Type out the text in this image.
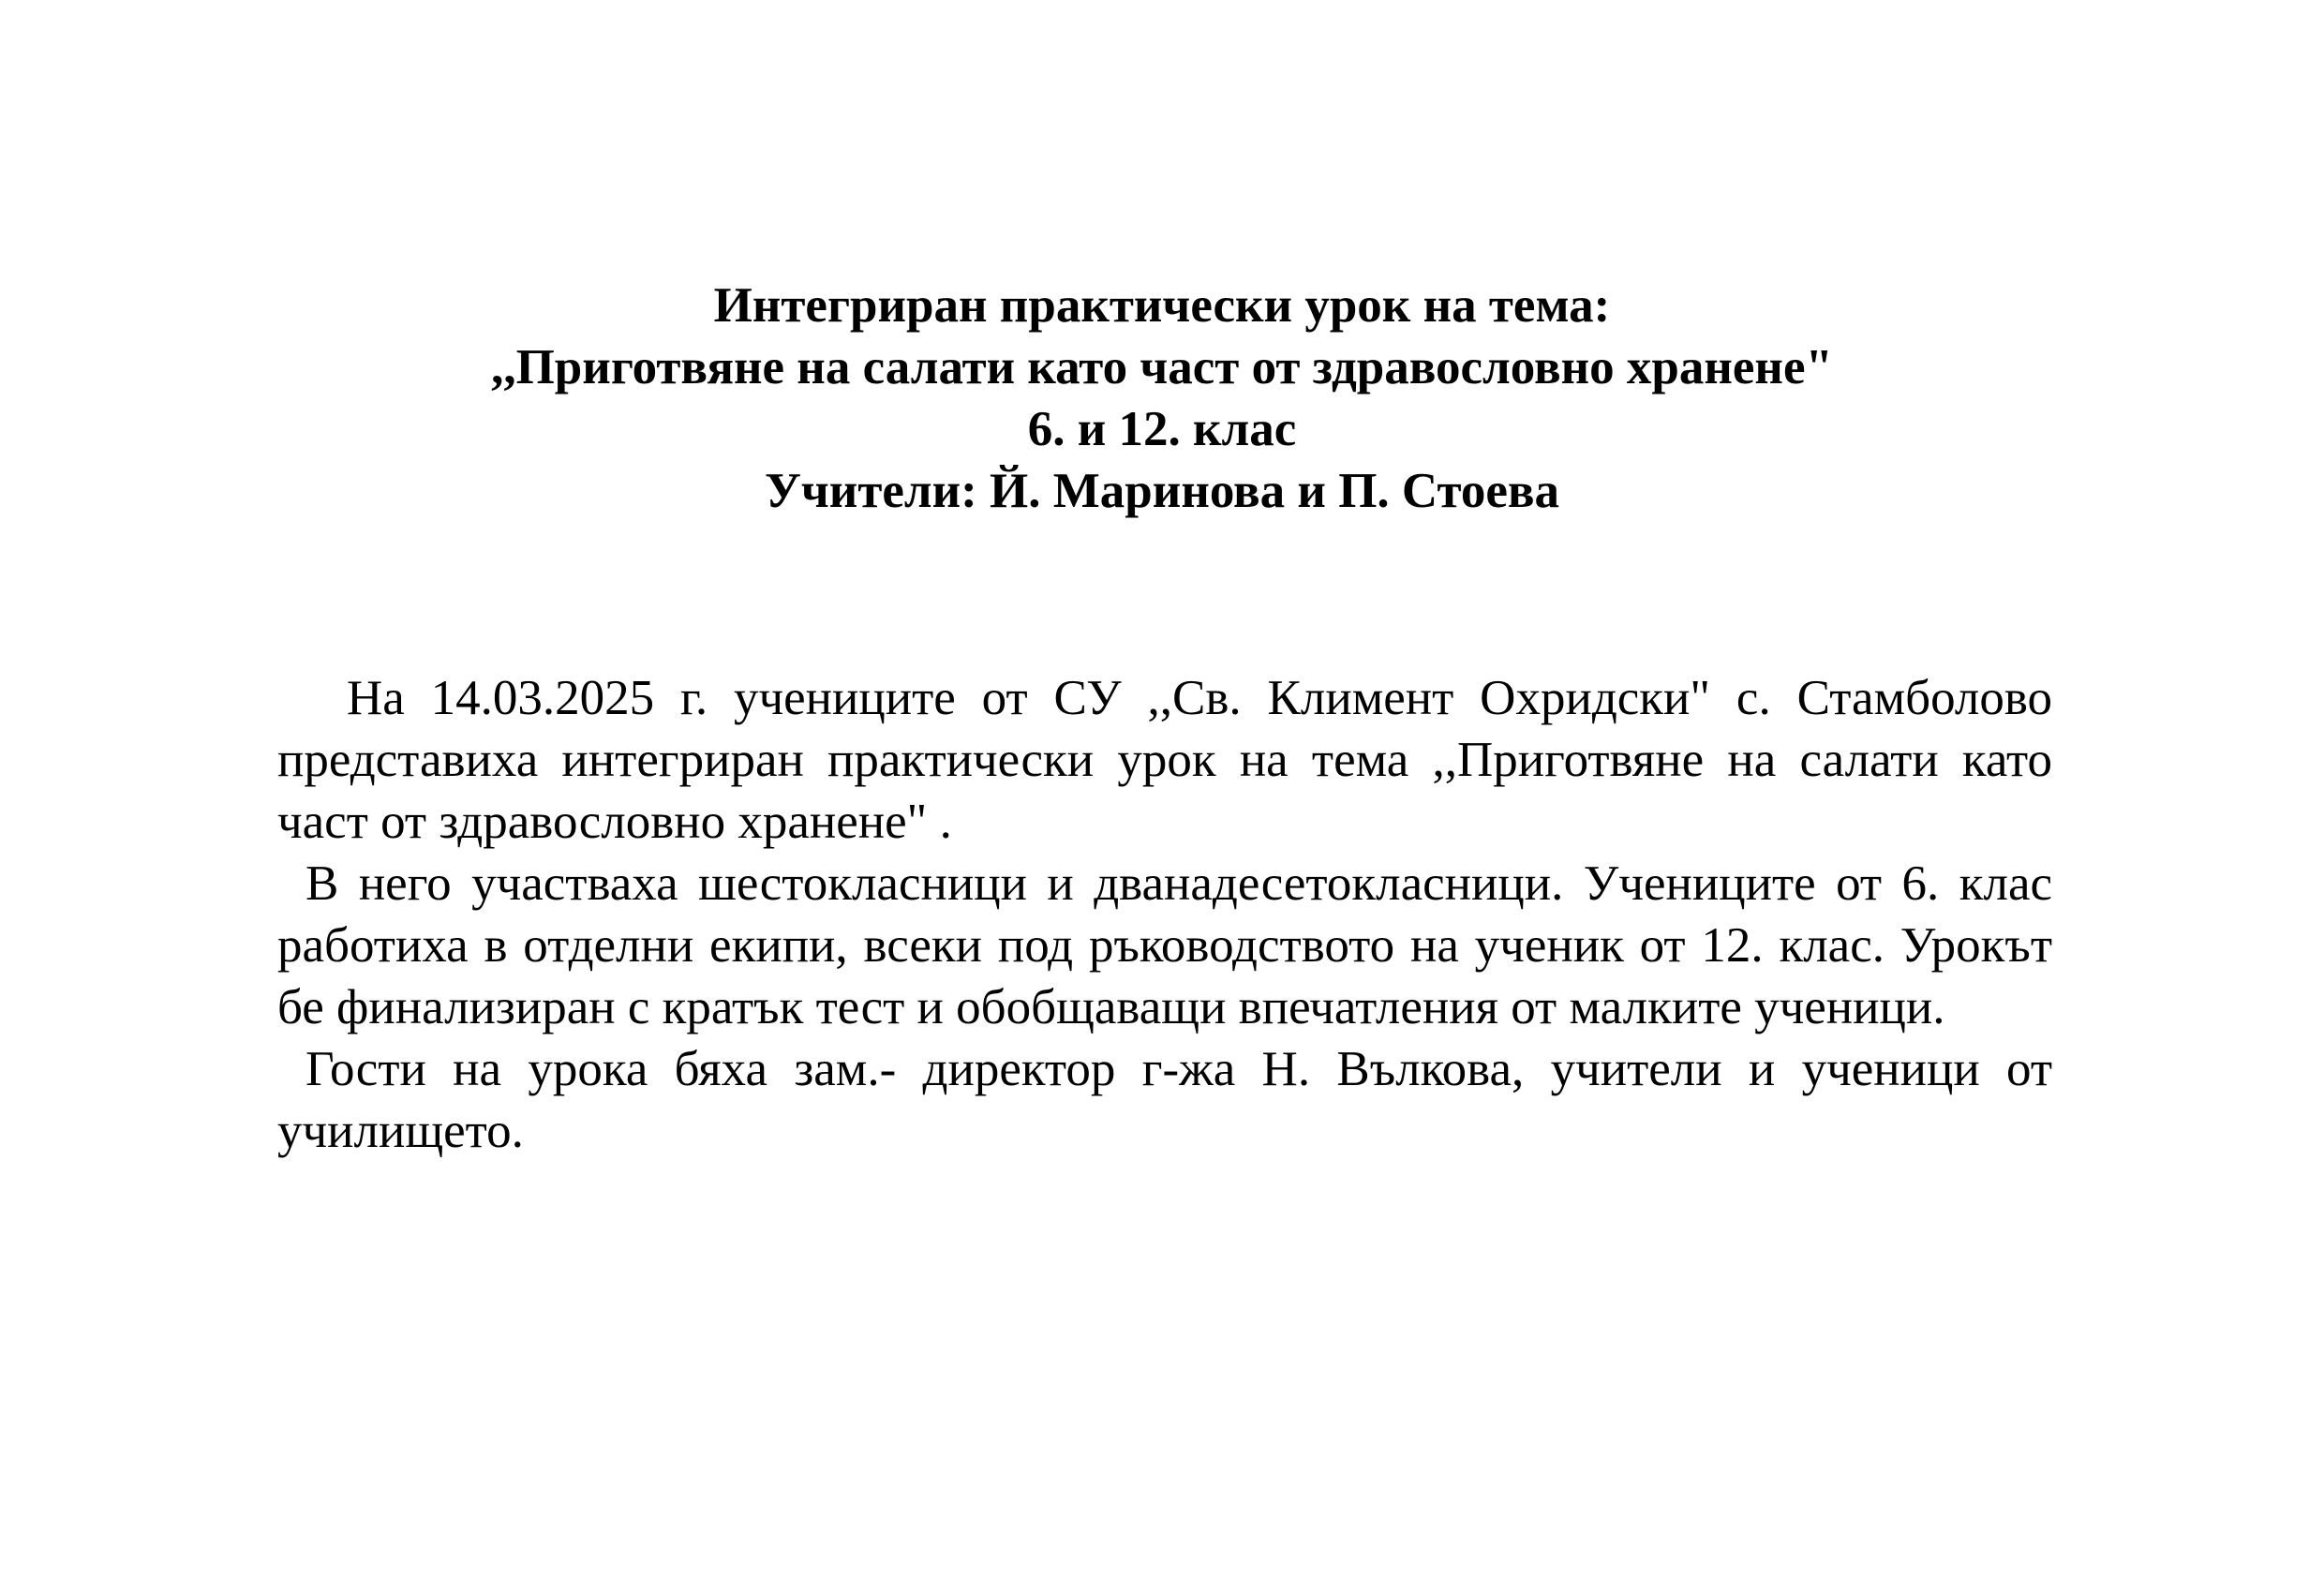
Интегриран практически урок на тема:
,,Приготвяне на салати като част от здравословно хранене"
6. и 12. клас
Учители: Й. Маринова и П. Стоева

На 14.03.2025 г. учениците от СУ ,,Св. Климент Охридски" с. Стамболово представиха интегриран практически урок на тема ,,Приготвяне на салати като част от здравословно хранене" .

В него участваха шестокласници и дванадесетокласници. Учениците от 6. клас работиха в отделни екипи, всеки под ръководството на ученик от 12. клас. Урокът бе финализиран с кратък тест и обобщаващи впечатления от малките ученици.

Гости на урока бяха зам.- директор г-жа Н. Вълкова, учители и ученици от училището.
